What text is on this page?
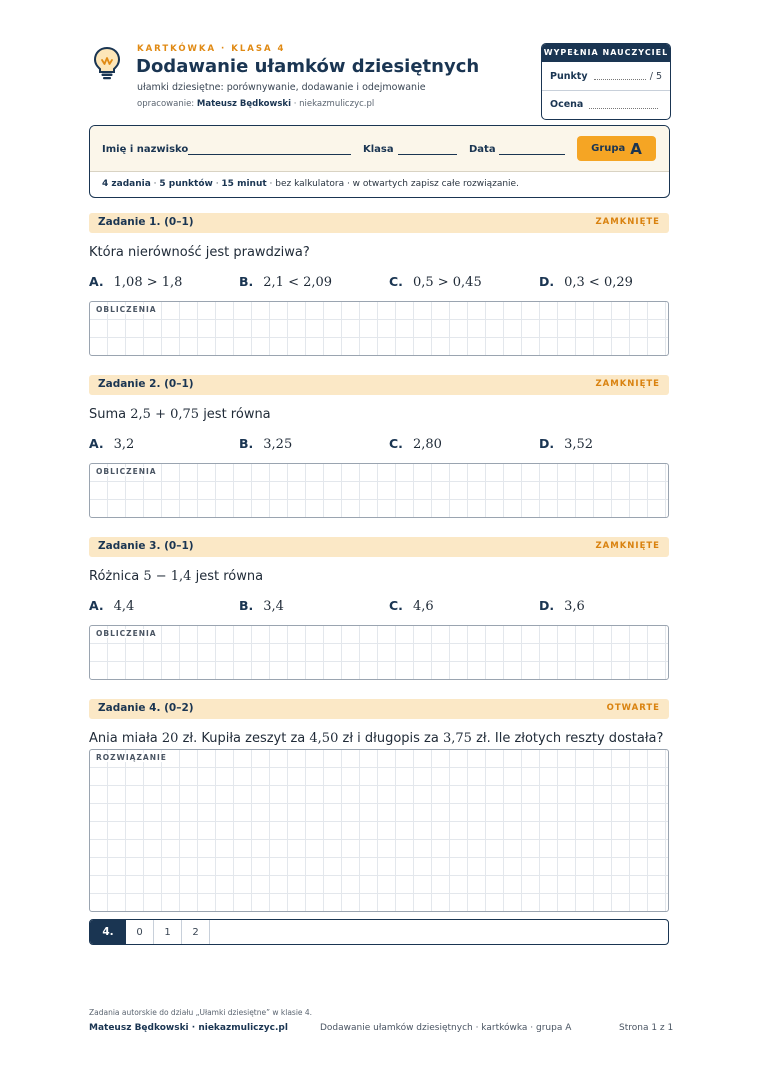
KARTKÓWKA · KLASA 4
Dodawanie ułamków dziesiętnych
ułamki dziesiętne: porównywanie, dodawanie i odejmowanie
opracowanie: Mateusz Będkowski · niekazmuliczyc.pl
WYPEŁNIA NAUCZYCIEL
Punkty	/ 5
Ocena
Imię i nazwisko	Klasa	Data	Grupa A
4 zadania · 5 punktów · 15 minut · bez kalkulatora · w otwartych zapisz całe rozwiązanie.
Zadanie 1. (0–1)	ZAMKNIĘTE
Która nierówność jest prawdziwa?
A. 1,08 > 1,8	B. 2,1 < 2,09	C. 0,5 > 0,45	D. 0,3 < 0,29
OBLICZENIA
Zadanie 2. (0–1)	ZAMKNIĘTE
Suma 2,5 + 0,75 jest równa
A. 3,2	B. 3,25	C. 2,80	D. 3,52
OBLICZENIA
Zadanie 3. (0–1)	ZAMKNIĘTE
Różnica 5 − 1,4 jest równa
A. 4,4	B. 3,4	C. 4,6	D. 3,6
OBLICZENIA
Zadanie 4. (0–2)	OTWARTE
Ania miała 20 zł. Kupiła zeszyt za 4,50 zł i długopis za 3,75 zł. Ile złotych reszty dostała?
ROZWIĄZANIE
4.	0	1	2
Zadania autorskie do działu „Ułamki dziesiętne” w klasie 4.
Mateusz Będkowski · niekazmuliczyc.pl	Dodawanie ułamków dziesiętnych · kartkówka · grupa A	Strona 1 z 1
